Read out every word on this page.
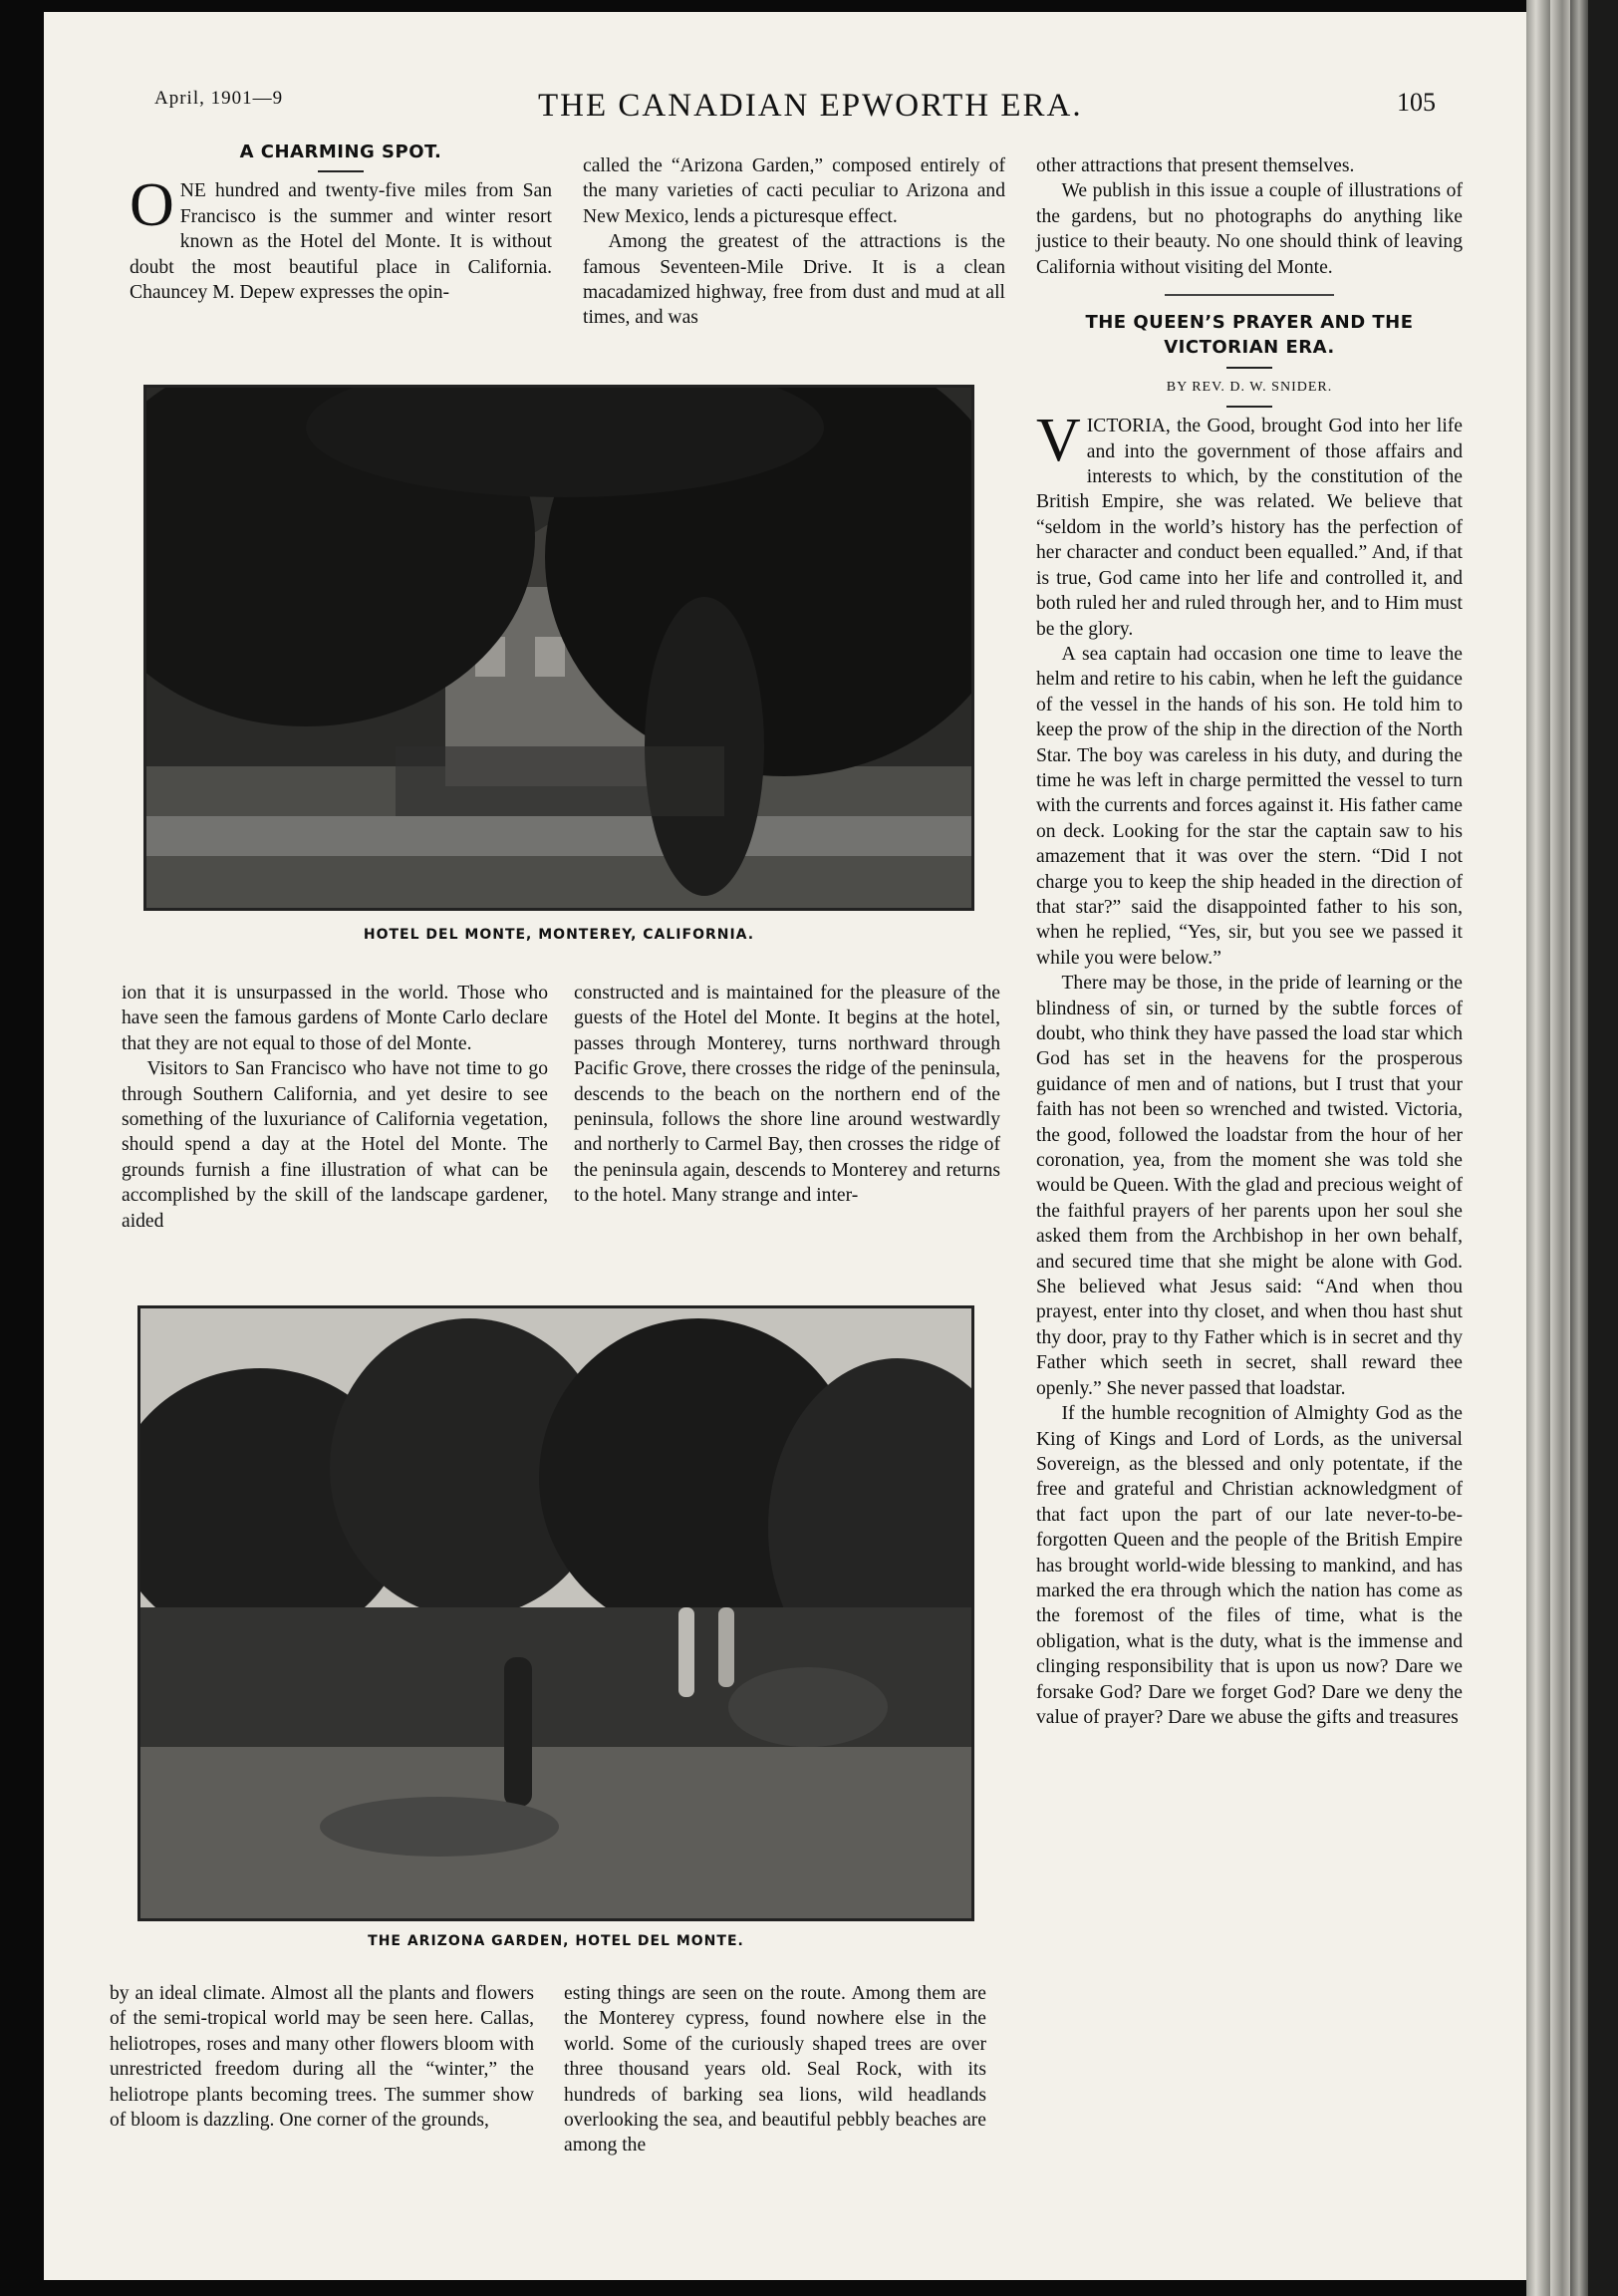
April, 1901—9	THE CANADIAN EPWORTH ERA.	105
A CHARMING SPOT.

ONE hundred and twenty-five miles from San Francisco is the summer and winter resort known as the Hotel del Monte. It is without doubt the most beautiful place in California. Chauncey M. Depew expresses the opin-

called the “Arizona Garden,” composed entirely of the many varieties of cacti peculiar to Arizona and New Mexico, lends a picturesque effect.

Among the greatest of the attractions is the famous Seventeen-Mile Drive. It is a clean macadamized highway, free from dust and mud at all times, and was

other attractions that present themselves.

We publish in this issue a couple of illustrations of the gardens, but no photographs do anything like justice to their beauty. No one should think of leaving California without visiting del Monte.

THE QUEEN’S PRAYER AND THE
VICTORIAN ERA.
BY REV. D. W. SNIDER.

VICTORIA, the Good, brought God into her life and into the government of those affairs and interests to which, by the constitution of the British Empire, she was related. We believe that “seldom in the world’s history has the perfection of her character and conduct been equalled.” And, if that is true, God came into her life and controlled it, and both ruled her and ruled through her, and to Him must be the glory.

A sea captain had occasion one time to leave the helm and retire to his cabin, when he left the guidance of the vessel in the hands of his son. He told him to keep the prow of the ship in the direction of the North Star. The boy was careless in his duty, and during the time he was left in charge permitted the vessel to turn with the currents and forces against it. His father came on deck. Looking for the star the captain saw to his amazement that it was over the stern. “Did I not charge you to keep the ship headed in the direction of that star?” said the disappointed father to his son, when he replied, “Yes, sir, but you see we passed it while you were below.”

There may be those, in the pride of learning or the blindness of sin, or turned by the subtle forces of doubt, who think they have passed the load star which God has set in the heavens for the prosperous guidance of men and of nations, but I trust that your faith has not been so wrenched and twisted. Victoria, the good, followed the loadstar from the hour of her coronation, yea, from the moment she was told she would be Queen. With the glad and precious weight of the faithful prayers of her parents upon her soul she asked them from the Archbishop in her own behalf, and secured time that she might be alone with God. She believed what Jesus said: “And when thou prayest, enter into thy closet, and when thou hast shut thy door, pray to thy Father which is in secret and thy Father which seeth in secret, shall reward thee openly.” She never passed that loadstar.

If the humble recognition of Almighty God as the King of Kings and Lord of Lords, as the universal Sovereign, as the blessed and only potentate, if the free and grateful and Christian acknowledgment of that fact upon the part of our late never-to-be-forgotten Queen and the people of the British Empire has brought world-wide blessing to mankind, and has marked the era through which the nation has come as the foremost of the files of time, what is the obligation, what is the duty, what is the immense and clinging responsibility that is upon us now? Dare we forsake God? Dare we forget God? Dare we deny the value of prayer? Dare we abuse the gifts and treasures

HOTEL DEL MONTE, MONTEREY, CALIFORNIA.

ion that it is unsurpassed in the world. Those who have seen the famous gardens of Monte Carlo declare that they are not equal to those of del Monte.

Visitors to San Francisco who have not time to go through Southern California, and yet desire to see something of the luxuriance of California vegetation, should spend a day at the Hotel del Monte. The grounds furnish a fine illustration of what can be accomplished by the skill of the landscape gardener, aided

constructed and is maintained for the pleasure of the guests of the Hotel del Monte. It begins at the hotel, passes through Monterey, turns northward through Pacific Grove, there crosses the ridge of the peninsula, descends to the beach on the northern end of the peninsula, follows the shore line around westwardly and northerly to Carmel Bay, then crosses the ridge of the peninsula again, descends to Monterey and returns to the hotel. Many strange and inter-

THE ARIZONA GARDEN, HOTEL DEL MONTE.

by an ideal climate. Almost all the plants and flowers of the semi-tropical world may be seen here. Callas, heliotropes, roses and many other flowers bloom with unrestricted freedom during all the “winter,” the heliotrope plants becoming trees. The summer show of bloom is dazzling. One corner of the grounds,

esting things are seen on the route. Among them are the Monterey cypress, found nowhere else in the world. Some of the curiously shaped trees are over three thousand years old. Seal Rock, with its hundreds of barking sea lions, wild headlands overlooking the sea, and beautiful pebbly beaches are among the
